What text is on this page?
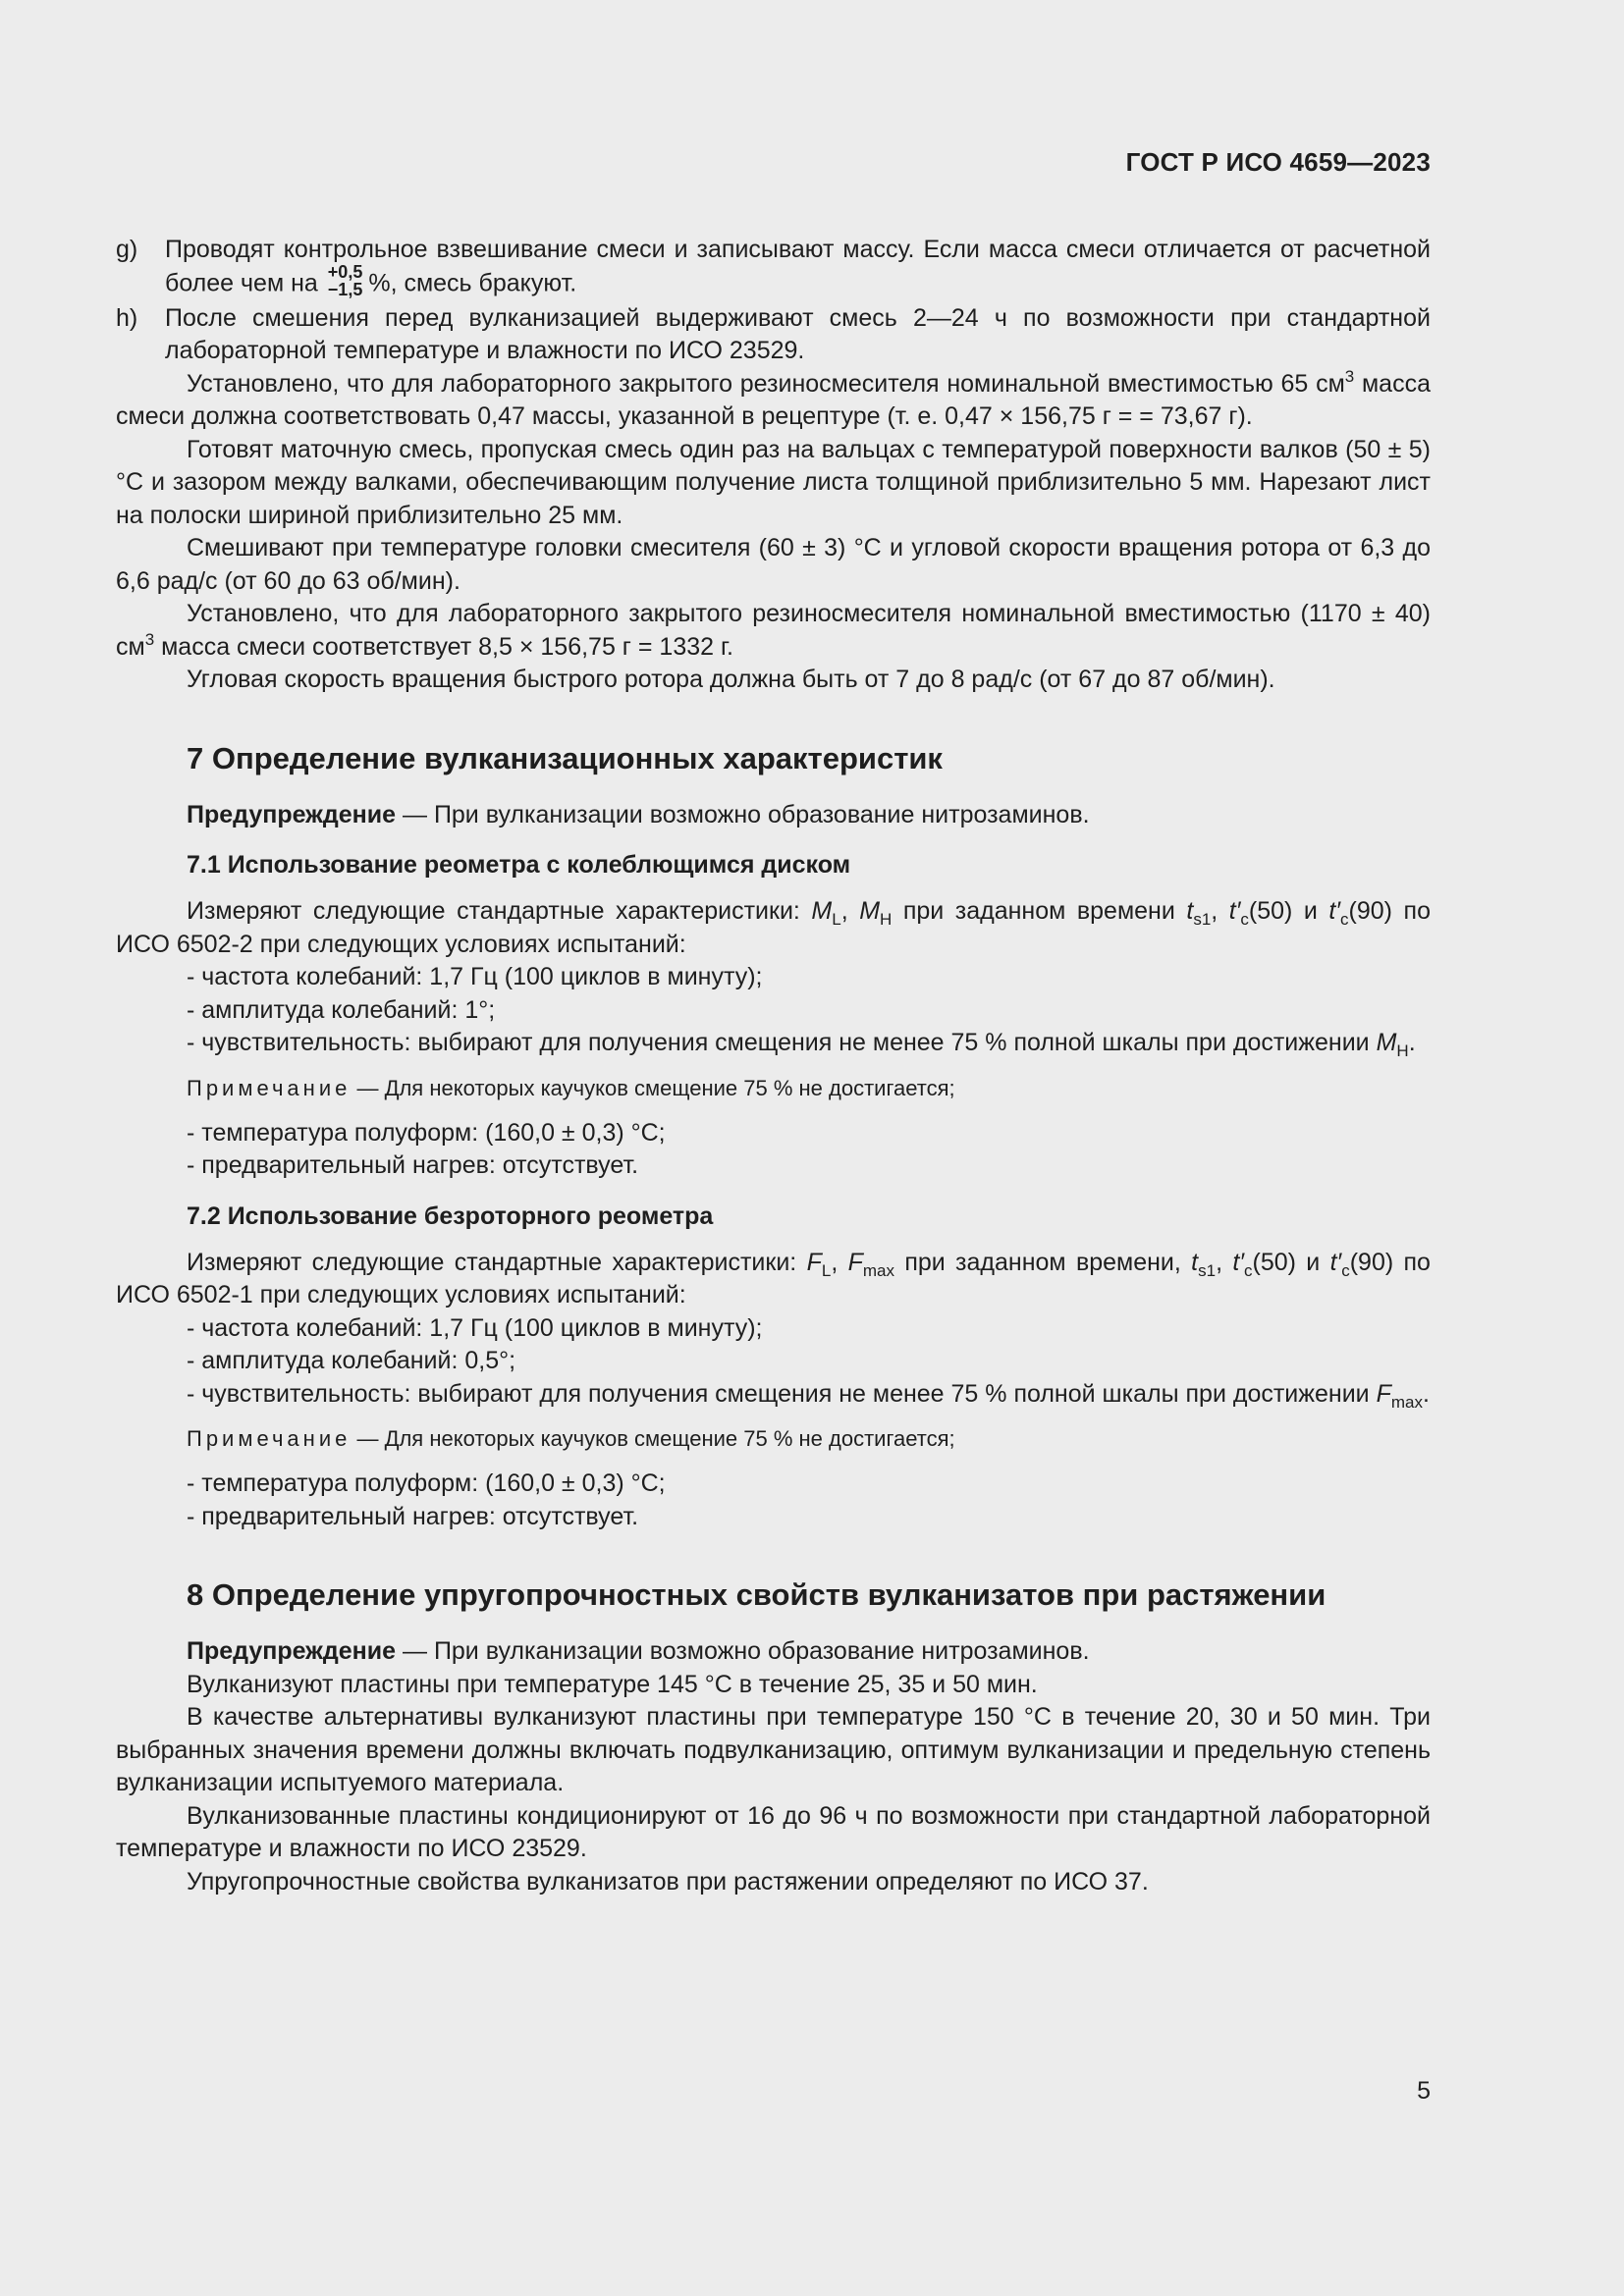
ГОСТ Р ИСО 4659—2023
g)	Проводят контрольное взвешивание смеси и записывают массу. Если масса смеси отличается от расчетной более чем на +0,5
−1,5 %, смесь бракуют.
h)	После смешения перед вулканизацией выдерживают смесь 2—24 ч по возможности при стандартной лабораторной температуре и влажности по ИСО 23529.

Установлено, что для лабораторного закрытого резиносмесителя номинальной вместимостью 65 $см^3$ масса смеси должна соответствовать 0,47 массы, указанной в рецептуре (т. е. 0,47 × 156,75 г = = 73,67 г).

Готовят маточную смесь, пропуская смесь один раз на вальцах с температурой поверхности валков (50 ± 5) °С и зазором между валками, обеспечивающим получение листа толщиной приблизительно 5 мм. Нарезают лист на полоски шириной приблизительно 25 мм.

Смешивают при температуре головки смесителя (60 ± 3) °С и угловой скорости вращения ротора от 6,3 до 6,6 рад/с (от 60 до 63 об/мин).

Установлено, что для лабораторного закрытого резиносмесителя номинальной вместимостью (1170 ± 40) $см^3$ масса смеси соответствует 8,5 × 156,75 г = 1332 г.

Угловая скорость вращения быстрого ротора должна быть от 7 до 8 рад/с (от 67 до 87 об/мин).

7 Определение вулканизационных характеристик

Предупреждение — При вулканизации возможно образование нитрозаминов.

7.1 Использование реометра с колеблющимся диском

Измеряют следующие стандартные характеристики: $M_L$, $M_H$ при заданном времени $t_{s1}$, $t'_c(50)$ и $t'_c(90)$ по ИСО 6502-2 при следующих условиях испытаний:

- частота колебаний: 1,7 Гц (100 циклов в минуту);

- амплитуда колебаний: 1°;

- чувствительность: выбирают для получения смещения не менее 75 % полной шкалы при достижении $M_H$.

Примечание — Для некоторых каучуков смещение 75 % не достигается;

- температура полуформ: (160,0 ± 0,3) °С;

- предварительный нагрев: отсутствует.

7.2 Использование безроторного реометра

Измеряют следующие стандартные характеристики: $F_L$, $F_{max}$ при заданном времени, $t_{s1}$, $t'_c(50)$ и $t'_c(90)$ по ИСО 6502-1 при следующих условиях испытаний:

- частота колебаний: 1,7 Гц (100 циклов в минуту);

- амплитуда колебаний: 0,5°;

- чувствительность: выбирают для получения смещения не менее 75 % полной шкалы при достижении $F_{max}$.

Примечание — Для некоторых каучуков смещение 75 % не достигается;

- температура полуформ: (160,0 ± 0,3) °С;

- предварительный нагрев: отсутствует.

8 Определение упругопрочностных свойств вулканизатов при растяжении

Предупреждение — При вулканизации возможно образование нитрозаминов.

Вулканизуют пластины при температуре 145 °С в течение 25, 35 и 50 мин.

В качестве альтернативы вулканизуют пластины при температуре 150 °С в течение 20, 30 и 50 мин. Три выбранных значения времени должны включать подвулканизацию, оптимум вулканизации и предельную степень вулканизации испытуемого материала.

Вулканизованные пластины кондиционируют от 16 до 96 ч по возможности при стандартной лабораторной температуре и влажности по ИСО 23529.

Упругопрочностные свойства вулканизатов при растяжении определяют по ИСО 37.

5
